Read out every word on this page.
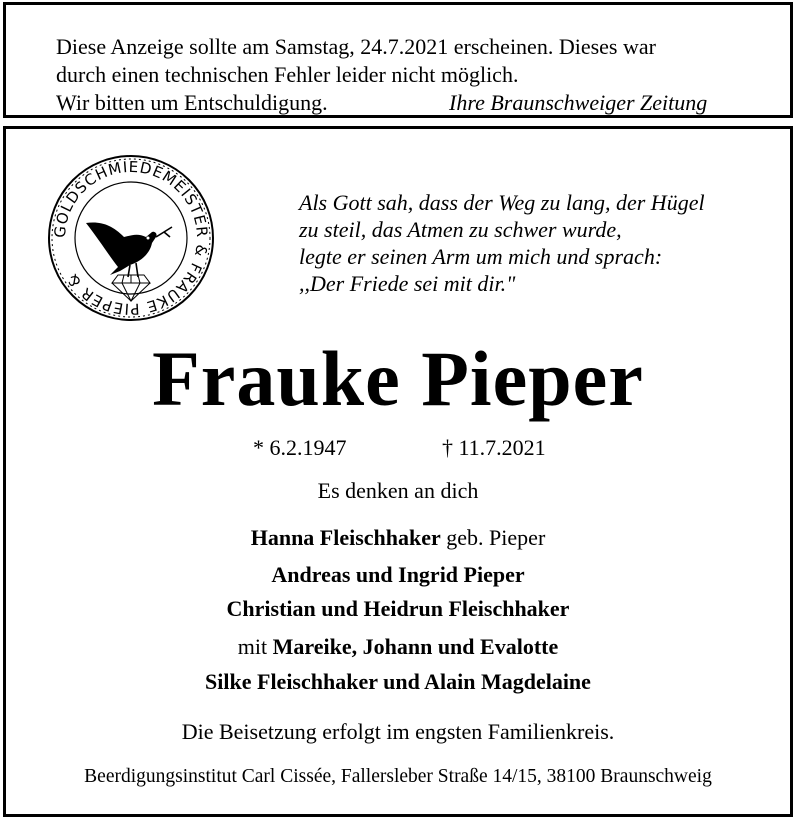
Diese Anzeige sollte am Samstag, 24.7.2021 erscheinen. Dieses war
durch einen technischen Fehler leider nicht möglich.
Wir bitten um Entschuldigung.	Ihre Braunschweiger Zeitung
GOLDSCHMIEDEMEISTER & FRAUKE PIEPER &
Als Gott sah, dass der Weg zu lang, der Hügel
zu steil, das Atmen zu schwer wurde,
legte er seinen Arm um mich und sprach:
,,Der Friede sei mit dir."
Frauke Pieper
* 6.2.1947	† 11.7.2021
Es denken an dich
Hanna Fleischhaker geb. Pieper
Andreas und Ingrid Pieper
Christian und Heidrun Fleischhaker
mit Mareike, Johann und Evalotte
Silke Fleischhaker und Alain Magdelaine
Die Beisetzung erfolgt im engsten Familienkreis.
Beerdigungsinstitut Carl Cissée, Fallersleber Straße 14/15, 38100 Braunschweig
